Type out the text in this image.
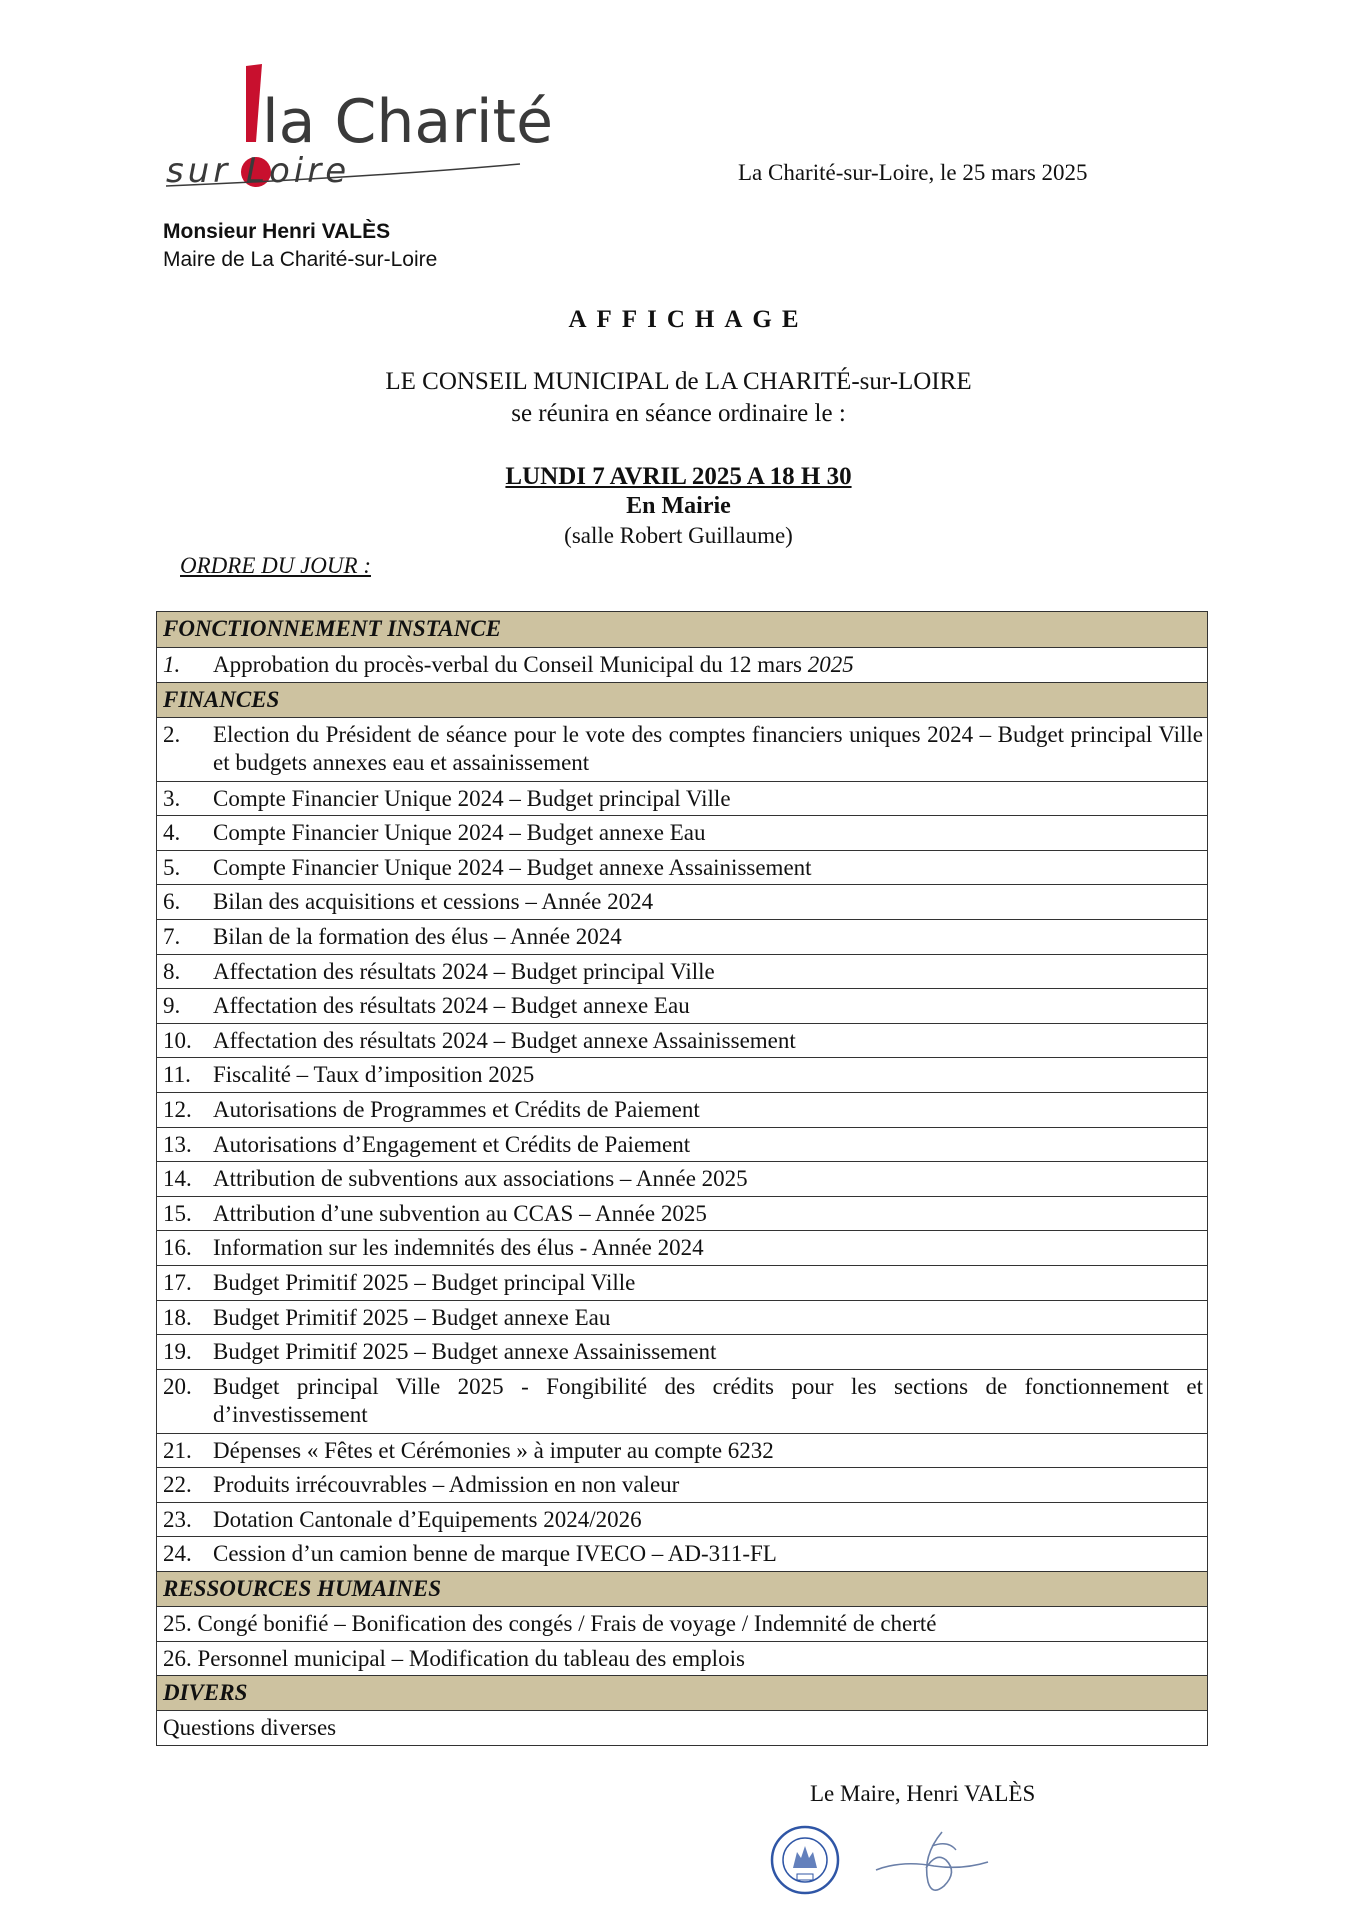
la Charité
sur Loire	La Charité-sur-Loire, le 25 mars 2025
Monsieur Henri VALÈS
Maire de La Charité-sur-Loire
AFFICHAGE
LE CONSEIL MUNICIPAL de LA CHARITÉ-sur-LOIRE
se réunira en séance ordinaire le :
LUNDI 7 AVRIL 2025 A 18 H 30
En Mairie
(salle Robert Guillaume)
ORDRE DU JOUR :
FONCTIONNEMENT INSTANCE
1.	Approbation du procès-verbal du Conseil Municipal du 12 mars 2025
FINANCES
2.	Election du Président de séance pour le vote des comptes financiers uniques 2024 – Budget principal Ville et budgets annexes eau et assainissement
3.	Compte Financier Unique 2024 – Budget principal Ville
4.	Compte Financier Unique 2024 – Budget annexe Eau
5.	Compte Financier Unique 2024 – Budget annexe Assainissement
6.	Bilan des acquisitions et cessions – Année 2024
7.	Bilan de la formation des élus – Année 2024
8.	Affectation des résultats 2024 – Budget principal Ville
9.	Affectation des résultats 2024 – Budget annexe Eau
10. Affectation des résultats 2024 – Budget annexe Assainissement
11. Fiscalité – Taux d’imposition 2025
12. Autorisations de Programmes et Crédits de Paiement
13. Autorisations d’Engagement et Crédits de Paiement
14. Attribution de subventions aux associations – Année 2025
15. Attribution d’une subvention au CCAS – Année 2025
16. Information sur les indemnités des élus - Année 2024
17. Budget Primitif 2025 – Budget principal Ville
18. Budget Primitif 2025 – Budget annexe Eau
19. Budget Primitif 2025 – Budget annexe Assainissement
20. Budget principal Ville 2025 - Fongibilité des crédits pour les sections de fonctionnement et d’investissement
21. Dépenses « Fêtes et Cérémonies » à imputer au compte 6232
22. Produits irrécouvrables – Admission en non valeur
23. Dotation Cantonale d’Equipements 2024/2026
24. Cession d’un camion benne de marque IVECO – AD-311-FL
RESSOURCES HUMAINES
25. Congé bonifié – Bonification des congés / Frais de voyage / Indemnité de cherté
26. Personnel municipal – Modification du tableau des emplois
DIVERS
Questions diverses
Le Maire, Henri VALÈS
